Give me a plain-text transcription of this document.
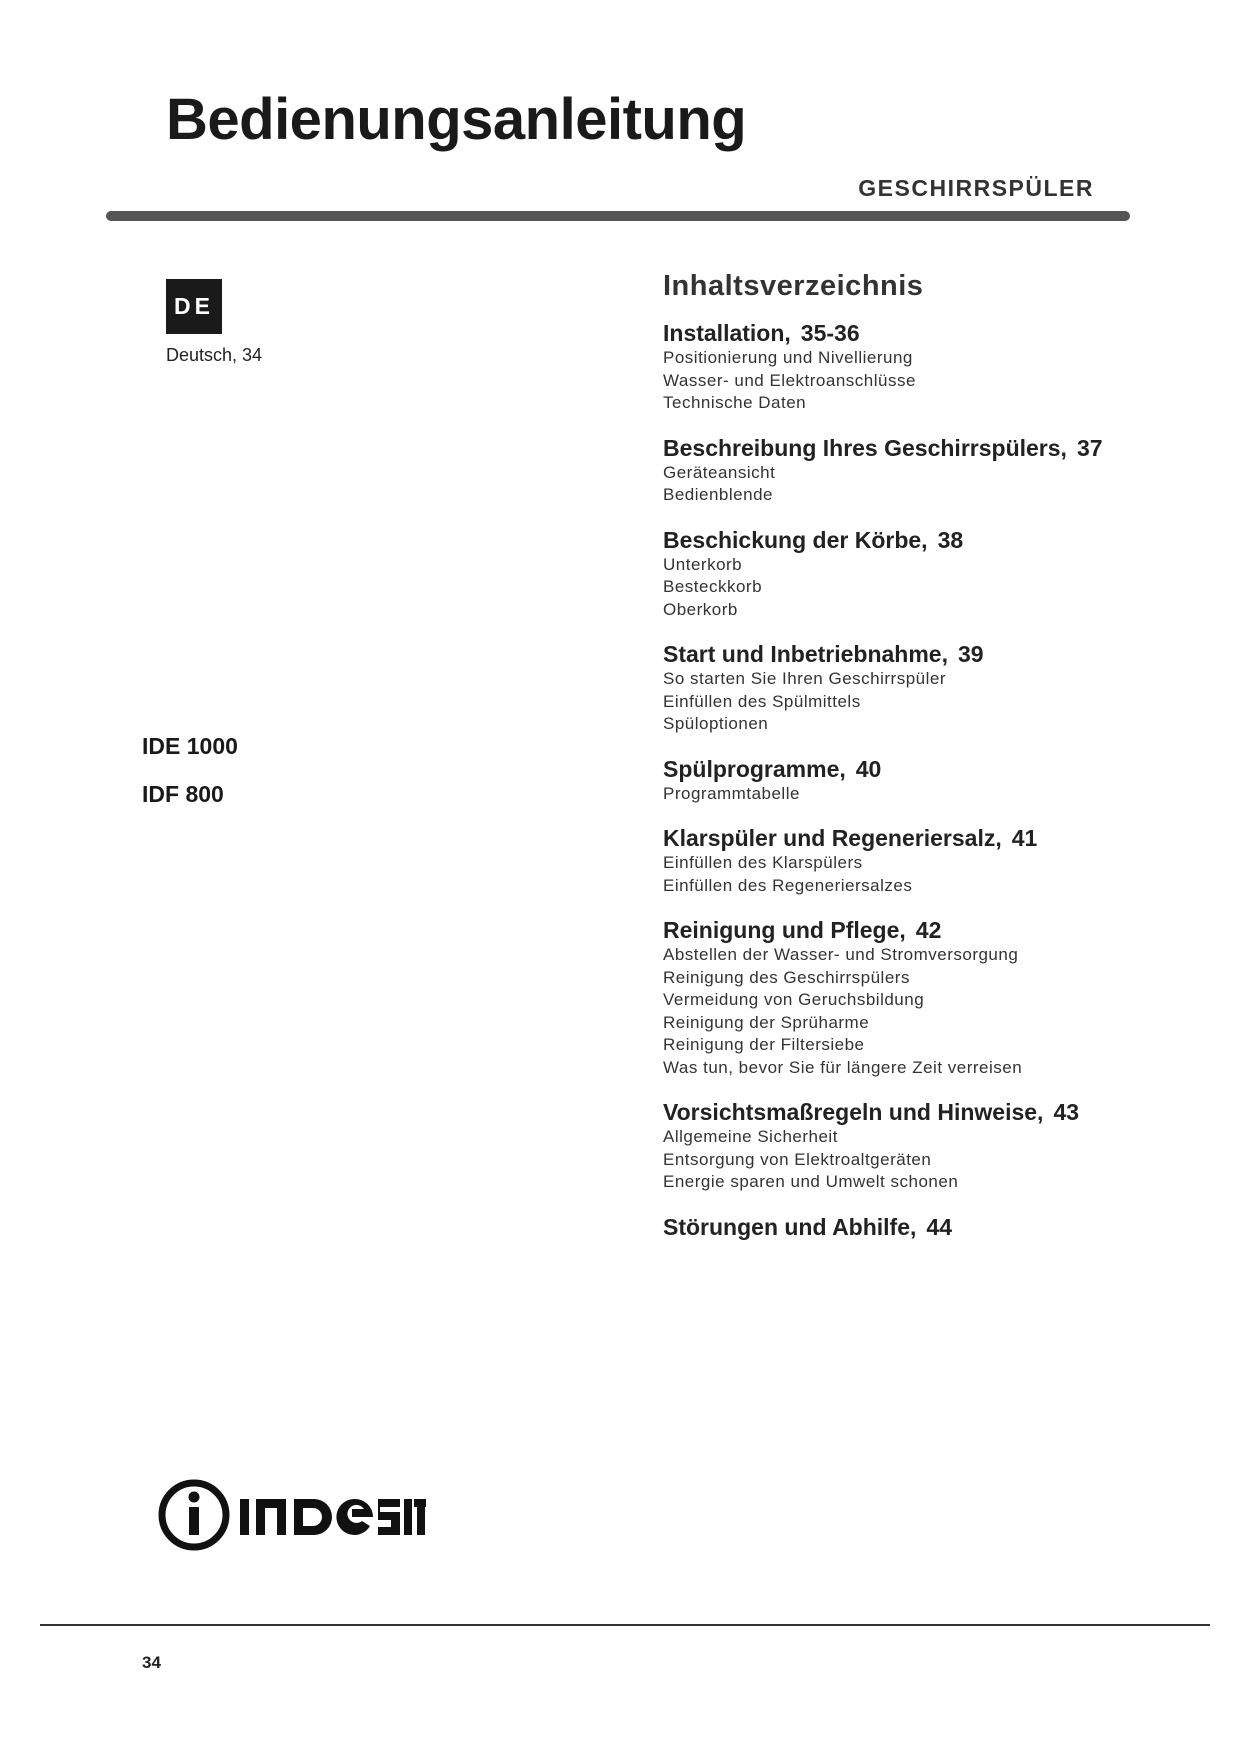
Bedienungsanleitung
GESCHIRRSPÜLER
DE
Deutsch, 34
IDE 1000
IDF 800
Inhaltsverzeichnis
Installation, 35-36
Positionierung und Nivellierung
Wasser- und Elektroanschlüsse
Technische Daten
Beschreibung Ihres Geschirrspülers, 37
Geräteansicht
Bedienblende
Beschickung der Körbe, 38
Unterkorb
Besteckkorb
Oberkorb
Start und Inbetriebnahme, 39
So starten Sie Ihren Geschirrspüler
Einfüllen des Spülmittels
Spüloptionen
Spülprogramme, 40
Programmtabelle
Klarspüler und Regeneriersalz, 41
Einfüllen des Klarspülers
Einfüllen des Regeneriersalzes
Reinigung und Pflege, 42
Abstellen der Wasser- und Stromversorgung
Reinigung des Geschirrspülers
Vermeidung von Geruchsbildung
Reinigung der Sprüharme
Reinigung der Filtersiebe
Was tun, bevor Sie für längere Zeit verreisen
Vorsichtsmaßregeln und Hinweise, 43
Allgemeine Sicherheit
Entsorgung von Elektroaltgeräten
Energie sparen und Umwelt schonen
Störungen und Abhilfe, 44
34
